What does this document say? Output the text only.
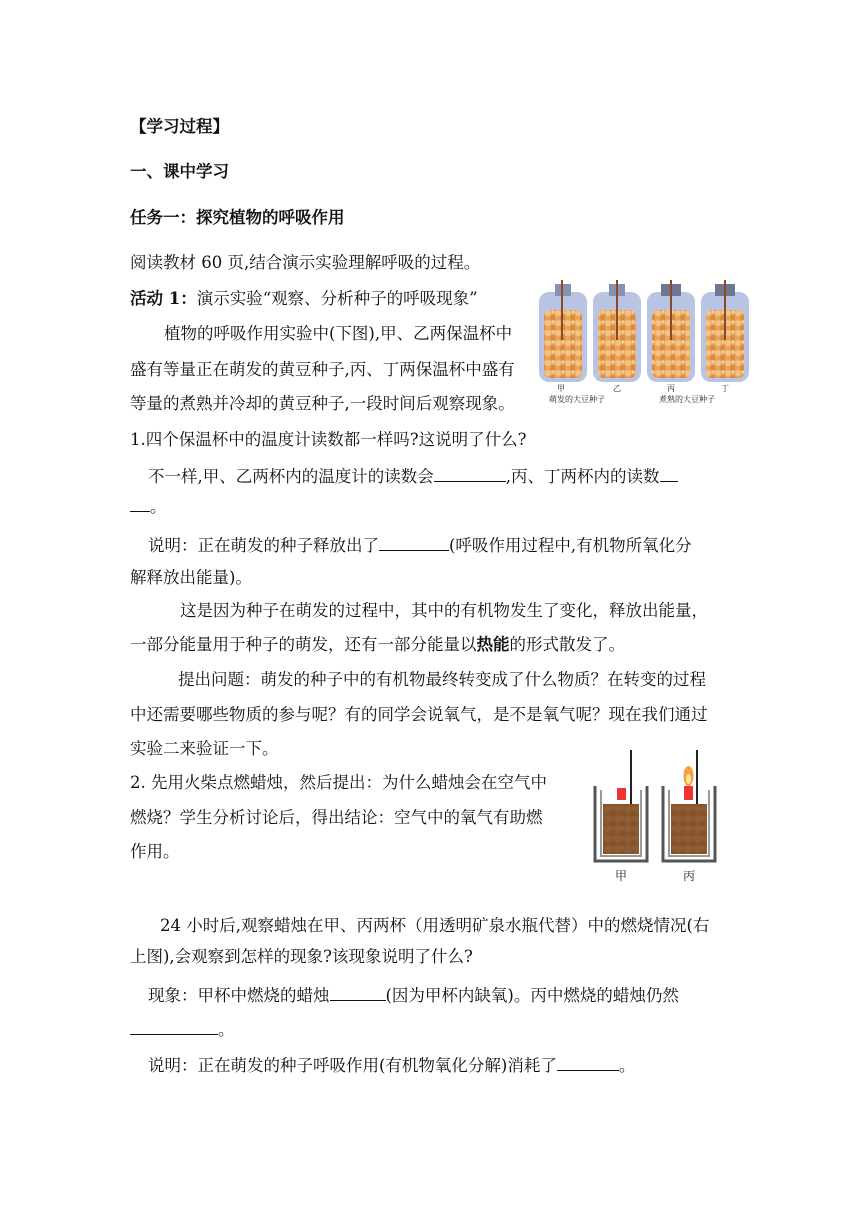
【学习过程】
一、课中学习
任务一：探究植物的呼吸作用
阅读教材 60 页,结合演示实验理解呼吸的过程。
活动 1：演示实验“观察、分析种子的呼吸现象”
植物的呼吸作用实验中(下图),甲、乙两保温杯中
盛有等量正在萌发的黄豆种子,丙、丁两保温杯中盛有
等量的煮熟并冷却的黄豆种子,一段时间后观察现象。
甲	乙	丙	丁
萌发的大豆种子	煮熟的大豆种子
1.四个保温杯中的温度计读数都一样吗?这说明了什么?
不一样,甲、乙两杯内的温度计的读数会	,丙、丁两杯内的读数
。
说明：正在萌发的种子释放出了	(呼吸作用过程中,有机物所氧化分
解释放出能量)。
这是因为种子在萌发的过程中，其中的有机物发生了变化，释放出能量，
一部分能量用于种子的萌发，还有一部分能量以热能的形式散发了。
提出问题：萌发的种子中的有机物最终转变成了什么物质？在转变的过程
中还需要哪些物质的参与呢？有的同学会说氧气，是不是氧气呢？现在我们通过
实验二来验证一下。
2. 先用火柴点燃蜡烛，然后提出：为什么蜡烛会在空气中
燃烧？学生分析讨论后，得出结论：空气中的氧气有助燃
作用。
甲	丙
24 小时后,观察蜡烛在甲、丙两杯（用透明矿泉水瓶代替）中的燃烧情况(右
上图),会观察到怎样的现象?该现象说明了什么?
现象：甲杯中燃烧的蜡烛	(因为甲杯内缺氧)。丙中燃烧的蜡烛仍然
。
说明：正在萌发的种子呼吸作用(有机物氧化分解)消耗了	。
